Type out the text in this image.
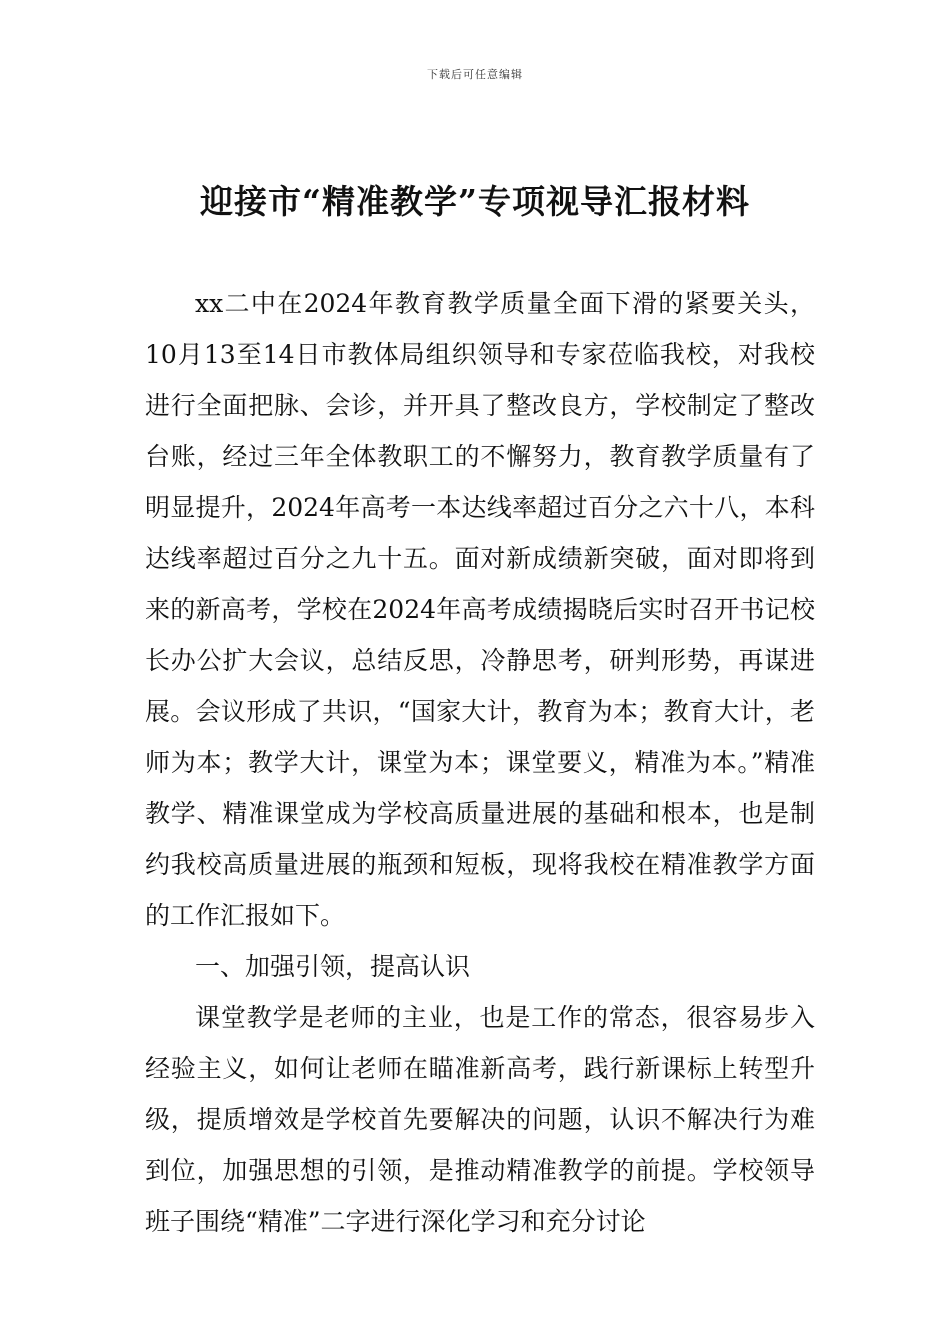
下载后可任意编辑
迎接市“精准教学”专项视导汇报材料

xx二中在2024年教育教学质量全面下滑的紧要关头，10月13至14日市教体局组织领导和专家莅临我校，对我校进行全面把脉、会诊，并开具了整改良方，学校制定了整改台账，经过三年全体教职工的不懈努力，教育教学质量有了明显提升，2024年高考一本达线率超过百分之六十八，本科达线率超过百分之九十五。面对新成绩新突破，面对即将到来的新高考，学校在2024年高考成绩揭晓后实时召开书记校长办公扩大会议，总结反思，冷静思考，研判形势，再谋进展。会议形成了共识，“国家大计，教育为本；教育大计，老师为本；教学大计，课堂为本；课堂要义，精准为本。”精准教学、精准课堂成为学校高质量进展的基础和根本，也是制约我校高质量进展的瓶颈和短板，现将我校在精准教学方面的工作汇报如下。

一、加强引领，提高认识

课堂教学是老师的主业，也是工作的常态，很容易步入经验主义，如何让老师在瞄准新高考，践行新课标上转型升级，提质增效是学校首先要解决的问题，认识不解决行为难到位，加强思想的引领，是推动精准教学的前提。学校领导班子围绕“精准”二字进行深化学习和充分讨论
